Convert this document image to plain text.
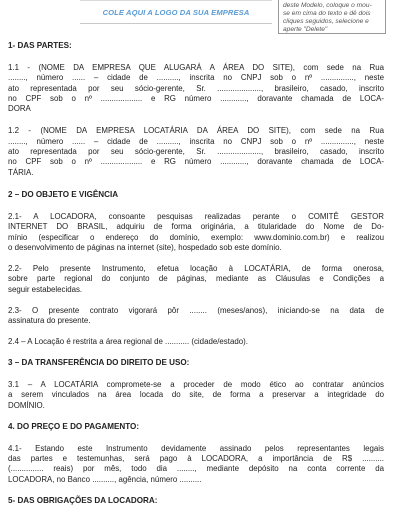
COLE AQUI A LOGO DA SUA EMPRESA
deste Modelo, coloque o mou-
se em cima do texto e dê dois
cliques seguidos, selecione e
aperte "Delete"
1- DAS PARTES:
1.1 - (NOME DA EMPRESA QUE ALUGARÁ A ÁREA DO SITE), com sede na Rua
........, número ...... – cidade de .........., inscrita no CNPJ sob o nº ..............., neste
ato representada por seu sócio-gerente, Sr. ...................., brasileiro, casado, inscrito
no CPF sob o nº ................... e RG número ............, doravante chamada de LOCA-
DORA
1.2 - (NOME DA EMPRESA LOCATÁRIA DA ÁREA DO SITE), com sede na Rua
........, número ...... – cidade de .........., inscrita no CNPJ sob o nº ..............., neste
ato representada por seu sócio-gerente, Sr. ...................., brasileiro, casado, inscrito
no CPF sob o nº ................... e RG número ............, doravante chamada de LOCA-
TÁRIA.
2 – DO OBJETO E VIGÊNCIA
2.1- A LOCADORA, consoante pesquisas realizadas perante o COMITÊ GESTOR
INTERNET DO BRASIL, adquiriu de forma originária, a titularidade do Nome de Do-
mínio (especificar o endereço do domínio, exemplo: www.dominio.com.br) e realizou
o desenvolvimento de páginas na internet (site), hospedado sob este domínio.
2.2- Pelo presente Instrumento, efetua locação à LOCATÁRIA, de forma onerosa,
sobre parte regional do conjunto de páginas, mediante as Cláusulas e Condições a
seguir estabelecidas.
2.3- O presente contrato vigorará pôr ........ (meses/anos), iniciando-se na data de
assinatura do presente.
2.4 – A Locação é restrita a área regional de ........... (cidade/estado).
3 – DA TRANSFERÊNCIA DO DIREITO DE USO:
3.1 – A LOCATÁRIA compromete-se a proceder de modo ético ao contratar anúncios
a serem vinculados na área locada do site, de forma a preservar a integridade do
DOMÍNIO.
4. DO PREÇO E DO PAGAMENTO:
4.1- Estando este Instrumento devidamente assinado pelos representantes legais
das partes e testemunhas, será pago à LOCADORA, a importância de R$ ..........
(............... reais) por mês, todo dia ........, mediante depósito na conta corrente da
LOCADORA, no Banco .........., agência, número ..........
5- DAS OBRIGAÇÕES DA LOCADORA:
